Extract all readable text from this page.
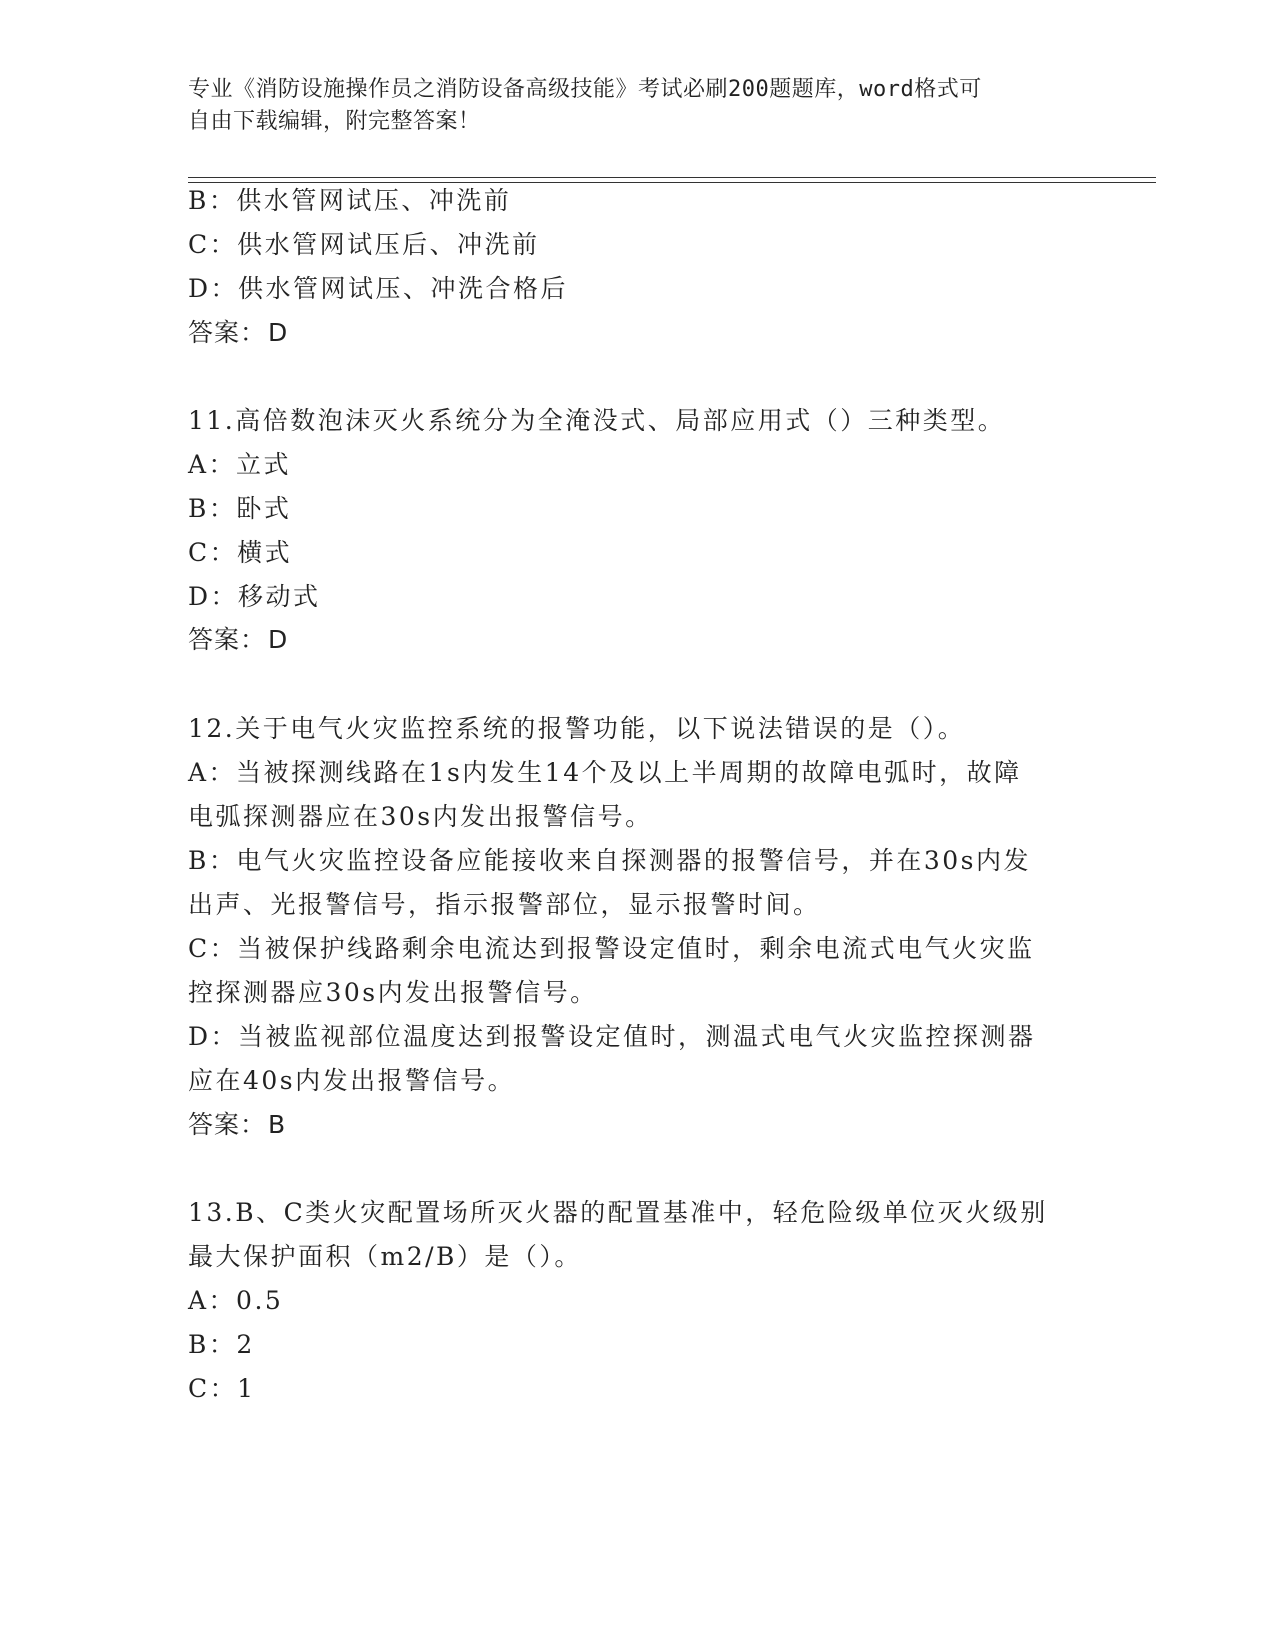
专业《消防设施操作员之消防设备高级技能》考试必刷200题题库，word格式可
自由下载编辑，附完整答案！
B：供水管网试压、冲洗前
C：供水管网试压后、冲洗前
D：供水管网试压、冲洗合格后
答案：D
11.高倍数泡沫灭火系统分为全淹没式、局部应用式（）三种类型。
A：立式
B：卧式
C：横式
D：移动式
答案：D
12.关于电气火灾监控系统的报警功能，以下说法错误的是（）。
A：当被探测线路在1s内发生14个及以上半周期的故障电弧时，故障
电弧探测器应在30s内发出报警信号。
B：电气火灾监控设备应能接收来自探测器的报警信号，并在30s内发
出声、光报警信号，指示报警部位，显示报警时间。
C：当被保护线路剩余电流达到报警设定值时，剩余电流式电气火灾监
控探测器应30s内发出报警信号。
D：当被监视部位温度达到报警设定值时，测温式电气火灾监控探测器
应在40s内发出报警信号。
答案：B
13.B、C类火灾配置场所灭火器的配置基准中，轻危险级单位灭火级别
最大保护面积（m2/B）是（）。
A：0.5
B：2
C：1
